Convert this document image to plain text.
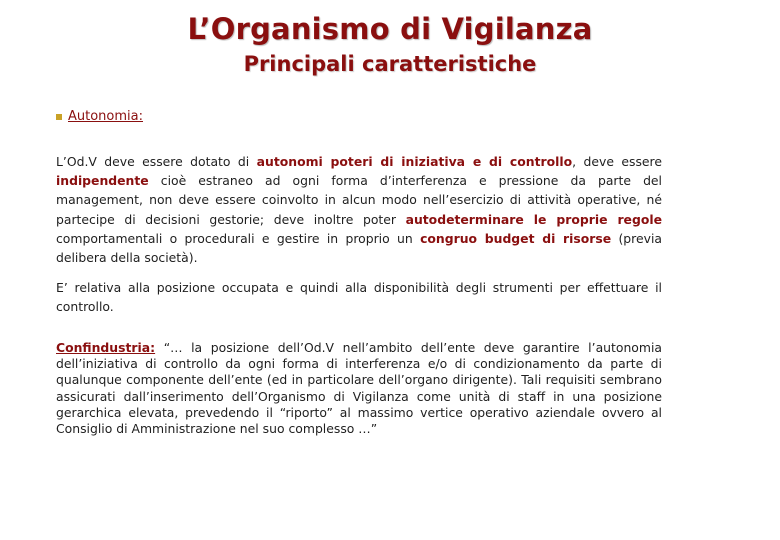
L’Organismo di Vigilanza
Principali caratteristiche
Autonomia:

L’Od.V deve essere dotato di autonomi poteri di iniziativa e di controllo, deve essere indipendente cioè estraneo ad ogni forma d’interferenza e pressione da parte del management, non deve essere coinvolto in alcun modo nell’esercizio di attività operative, né partecipe di decisioni gestorie; deve inoltre poter autodeterminare le proprie regole comportamentali o procedurali e gestire in proprio un congruo budget di risorse (previa delibera della società).

E’ relativa alla posizione occupata e quindi alla disponibilità degli strumenti per effettuare il controllo.

Confindustria: “… la posizione dell’Od.V nell’ambito dell’ente deve garantire l’autonomia dell’iniziativa di controllo da ogni forma di interferenza e/o di condizionamento da parte di qualunque componente dell’ente (ed in particolare dell’organo dirigente). Tali requisiti sembrano assicurati dall’inserimento dell’Organismo di Vigilanza come unità di staff in una posizione gerarchica elevata, prevedendo il “riporto” al massimo vertice operativo aziendale ovvero al Consiglio di Amministrazione nel suo complesso …”
